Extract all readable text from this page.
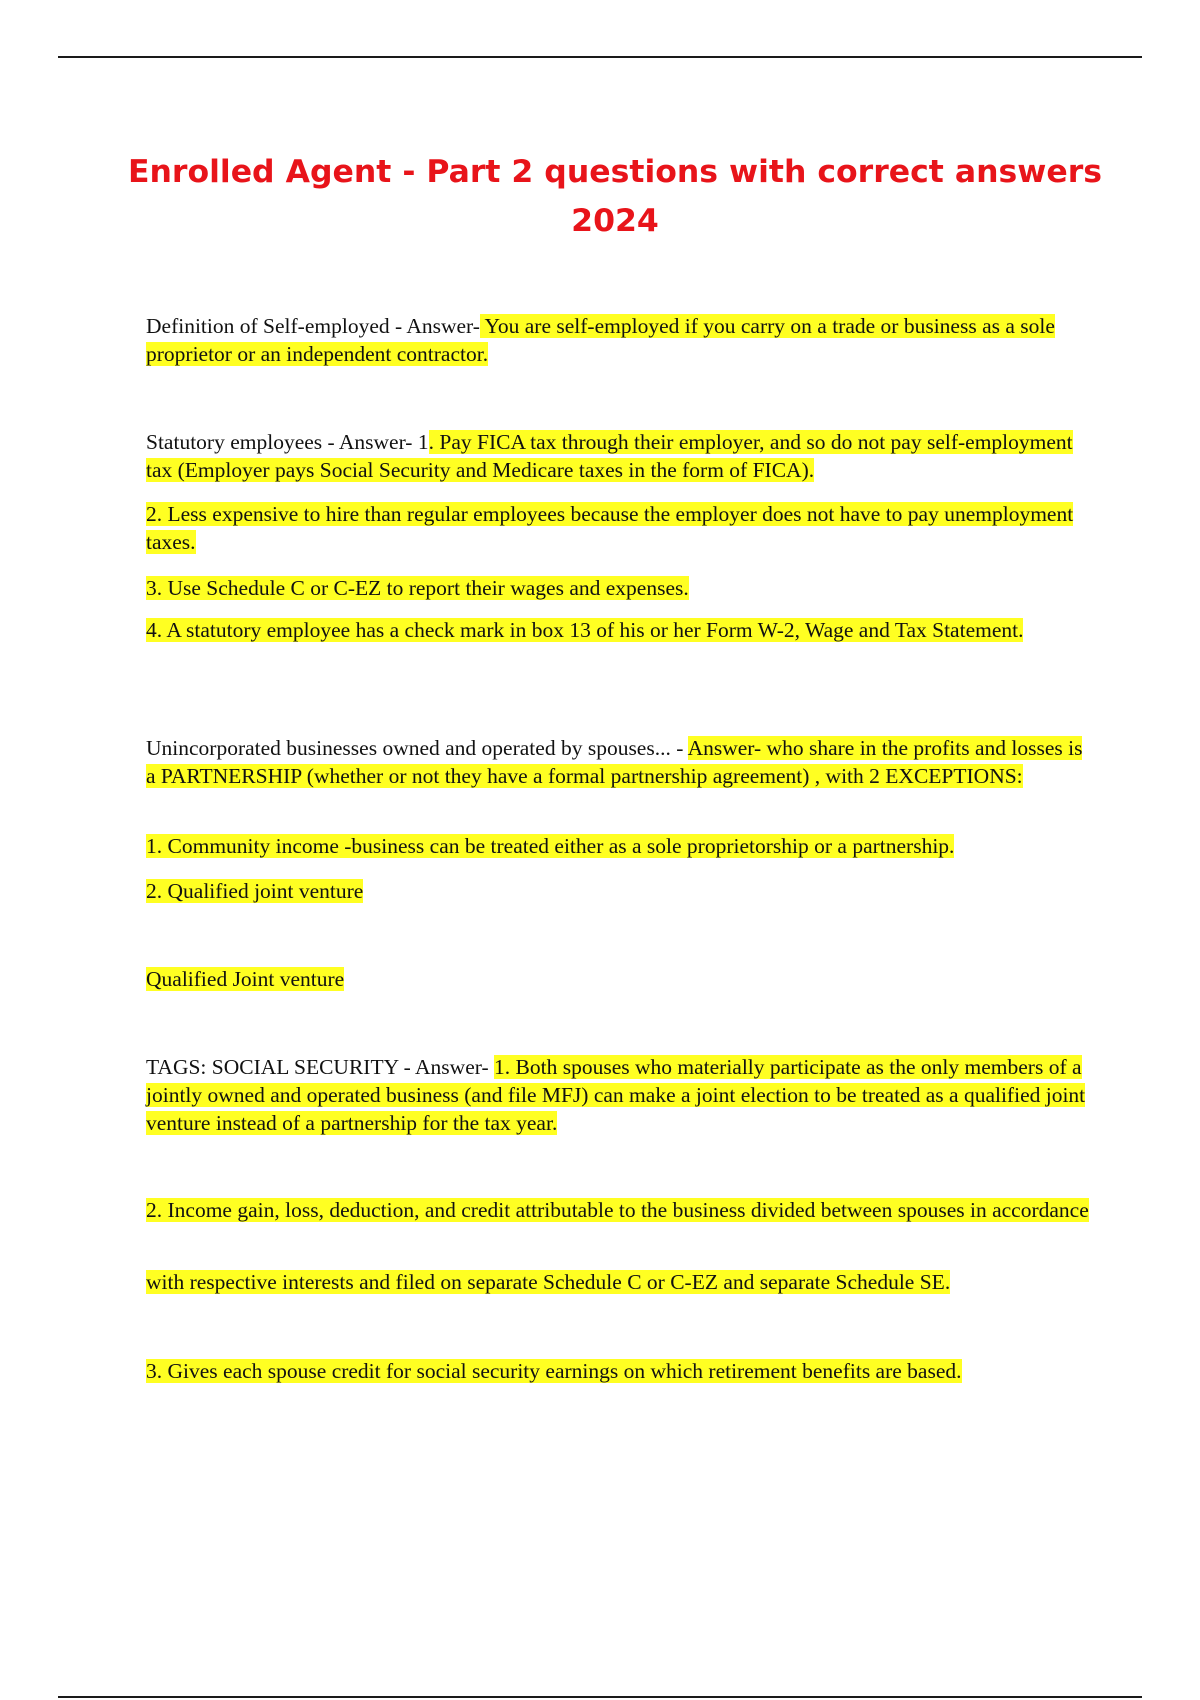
Enrolled Agent - Part 2 questions with correct answers 2024

Definition of Self-employed - Answer- You are self-employed if you carry on a trade or business as a sole proprietor or an independent contractor.

Statutory employees - Answer- 1. Pay FICA tax through their employer, and so do not pay self-employment tax (Employer pays Social Security and Medicare taxes in the form of FICA).

2. Less expensive to hire than regular employees because the employer does not have to pay unemployment taxes.

3. Use Schedule C or C-EZ to report their wages and expenses.

4. A statutory employee has a check mark in box 13 of his or her Form W-2, Wage and Tax Statement.

Unincorporated businesses owned and operated by spouses... - Answer- who share in the profits and losses is a PARTNERSHIP (whether or not they have a formal partnership agreement) , with 2 EXCEPTIONS:

1. Community income -business can be treated either as a sole proprietorship or a partnership.

2. Qualified joint venture

Qualified Joint venture

TAGS: SOCIAL SECURITY - Answer- 1. Both spouses who materially participate as the only members of a jointly owned and operated business (and file MFJ) can make a joint election to be treated as a qualified joint venture instead of a partnership for the tax year.

2. Income gain, loss, deduction, and credit attributable to the business divided between spouses in accordance

with respective interests and filed on separate Schedule C or C-EZ and separate Schedule SE.

3. Gives each spouse credit for social security earnings on which retirement benefits are based.
